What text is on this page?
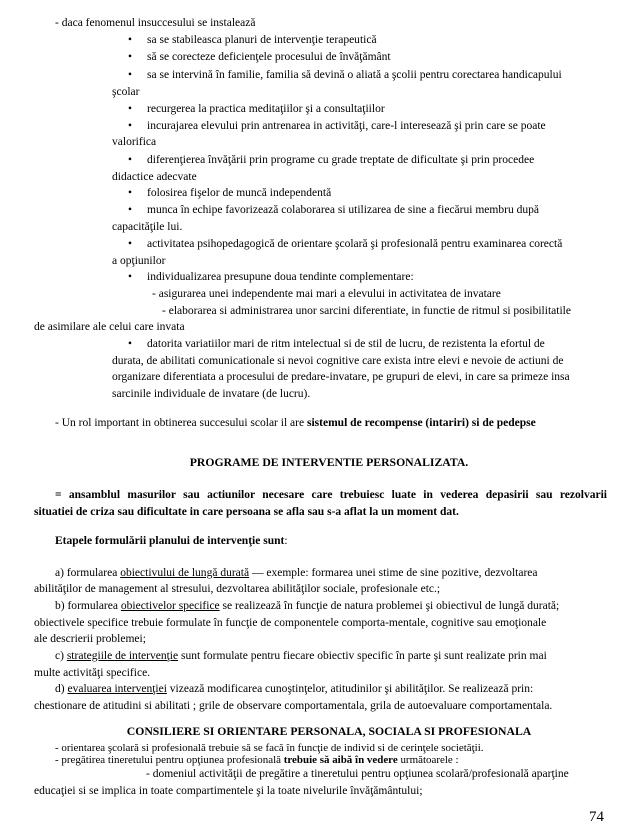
- daca fenomenul insuccesului se instalează
• sa se stabileasca planuri de intervenţie terapeutică
• să se corecteze deficienţele procesului de învăţământ
• sa se intervină în familie, familia să devină o aliată a şcolii pentru corectarea handicapului
şcolar
• recurgerea la practica meditaţiilor şi a consultaţiilor
• incurajarea elevului prin antrenarea in activităţi, care-l interesează şi prin care se poate
valorifica
• diferenţierea învăţării prin programe cu grade treptate de dificultate şi prin procedee
didactice adecvate
• folosirea fişelor de muncă independentă
• munca în echipe favorizează colaborarea si utilizarea de sine a fiecărui membru după
capacităţile lui.
• activitatea psihopedagogică de orientare şcolară şi profesională pentru examinarea corectă
a opţiunilor
• individualizarea presupune doua tendinte complementare:
- asigurarea unei independente mai mari a elevului in activitatea de invatare
- elaborarea si administrarea unor sarcini diferentiate, in functie de ritmul si posibilitatile
de asimilare ale celui care invata
• datorita variatiilor mari de ritm intelectual si de stil de lucru, de rezistenta la efortul de
durata, de abilitati comunicationale si nevoi cognitive care exista intre elevi e nevoie de actiuni de
organizare diferentiata a procesului de predare-invatare, pe grupuri de elevi, in care sa primeze insa
sarcinile individuale de invatare (de lucru).
- Un rol important in obtinerea succesului scolar il are sistemul de recompense (intariri) si de pedepse
PROGRAME DE INTERVENTIE PERSONALIZATA.
= ansamblul masurilor sau actiunilor necesare care trebuiesc luate in vederea depasirii sau rezolvarii
situatiei de criza sau dificultate in care persoana se afla sau s-a aflat la un moment dat.
Etapele formulării planului de intervenţie sunt:
a) formularea obiectivului de lungă durată — exemple: formarea unei stime de sine pozitive, dezvoltarea
abilităţilor de management al stresului, dezvoltarea abilităţilor sociale, profesionale etc.;
b) formularea obiectivelor specifice se realizează în funcţie de natura problemei şi obiectivul de lungă durată;
obiectivele specifice trebuie formulate în funcţie de componentele comporta-mentale, cognitive sau emoţionale
ale descrierii problemei;
c) strategiile de intervenţie sunt formulate pentru fiecare obiectiv specific în parte şi sunt realizate prin mai
multe activităţi specifice.
d) evaluarea intervenţiei vizează modificarea cunoştinţelor, atitudinilor şi abilităţilor. Se realizează prin:
chestionare de atitudini si abilitati ; grile de observare comportamentala, grila de autoevaluare comportamentala.
CONSILIERE SI ORIENTARE PERSONALA, SOCIALA SI PROFESIONALA
- orientarea şcolară si profesională trebuie să se facă în funcţie de individ si de cerinţele societăţii.
- pregătirea tineretului pentru opţiunea profesională trebuie să aibă în vedere următoarele :
- domeniul activităţii de pregătire a tineretului pentru opţiunea scolară/profesională aparţine
educaţiei si se implica in toate compartimentele şi la toate nivelurile învăţământului;
74
